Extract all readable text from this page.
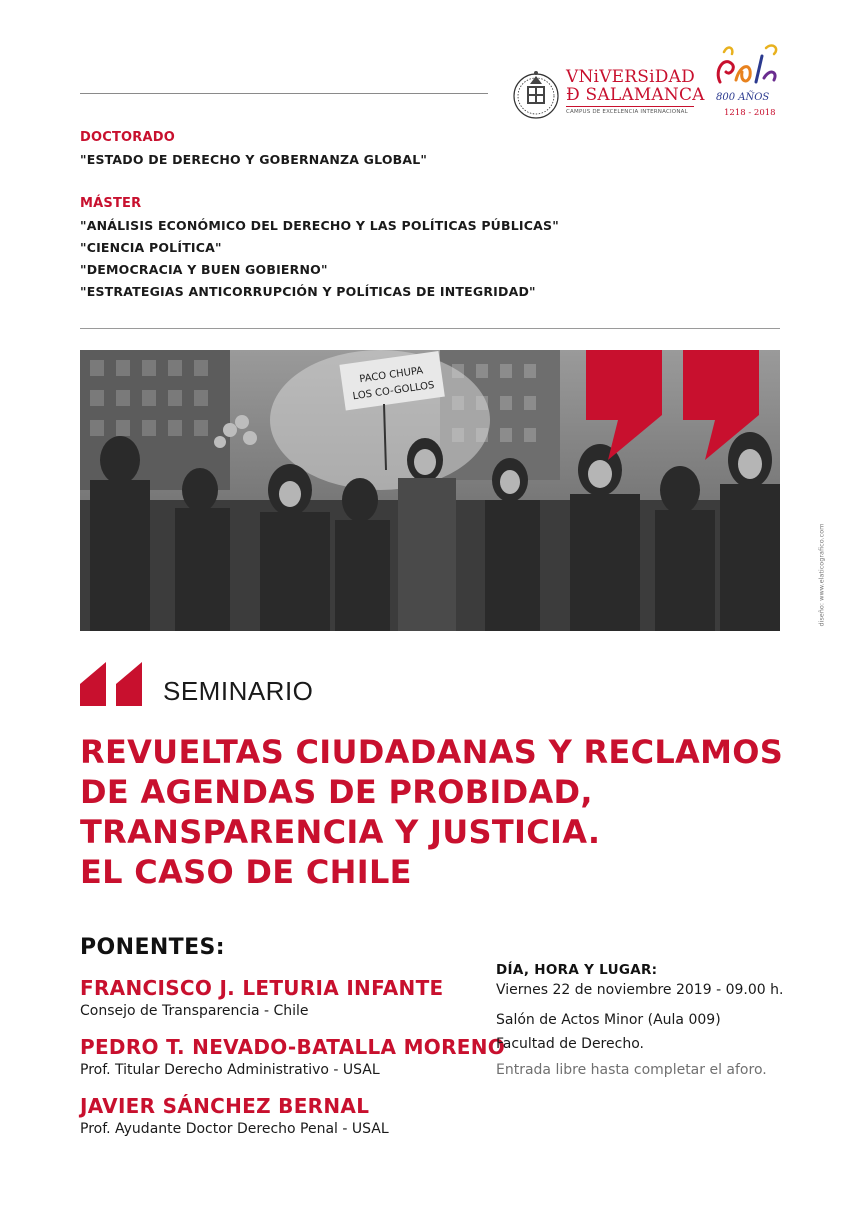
VNiVERSiDAD
Ð SALAMANCA
CAMPUS DE EXCELENCIA INTERNACIONAL
800 AÑOS
1218 - 2018
DOCTORADO
"ESTADO DE DERECHO Y GOBERNANZA GLOBAL"
MÁSTER
"ANÁLISIS ECONÓMICO DEL DERECHO Y LAS POLÍTICAS PÚBLICAS"
"CIENCIA POLÍTICA"
"DEMOCRACIA Y BUEN GOBIERNO"
"ESTRATEGIAS ANTICORRUPCIÓN Y POLÍTICAS DE INTEGRIDAD"
PACO CHUPA
LOS CO-GOLLOS
diseño: www.elaticografico.com
SEMINARIO
REVUELTAS CIUDADANAS Y RECLAMOS
DE AGENDAS DE PROBIDAD,
TRANSPARENCIA Y JUSTICIA.
EL CASO DE CHILE
PONENTES:
FRANCISCO J. LETURIA INFANTE
Consejo de Transparencia - Chile
PEDRO T. NEVADO-BATALLA MORENO
Prof. Titular Derecho Administrativo - USAL
JAVIER SÁNCHEZ BERNAL
Prof. Ayudante Doctor Derecho Penal - USAL
DÍA, HORA Y LUGAR:
Viernes 22 de noviembre 2019 - 09.00 h.
Salón de Actos Minor (Aula 009)
Facultad de Derecho.
Entrada libre hasta completar el aforo.
